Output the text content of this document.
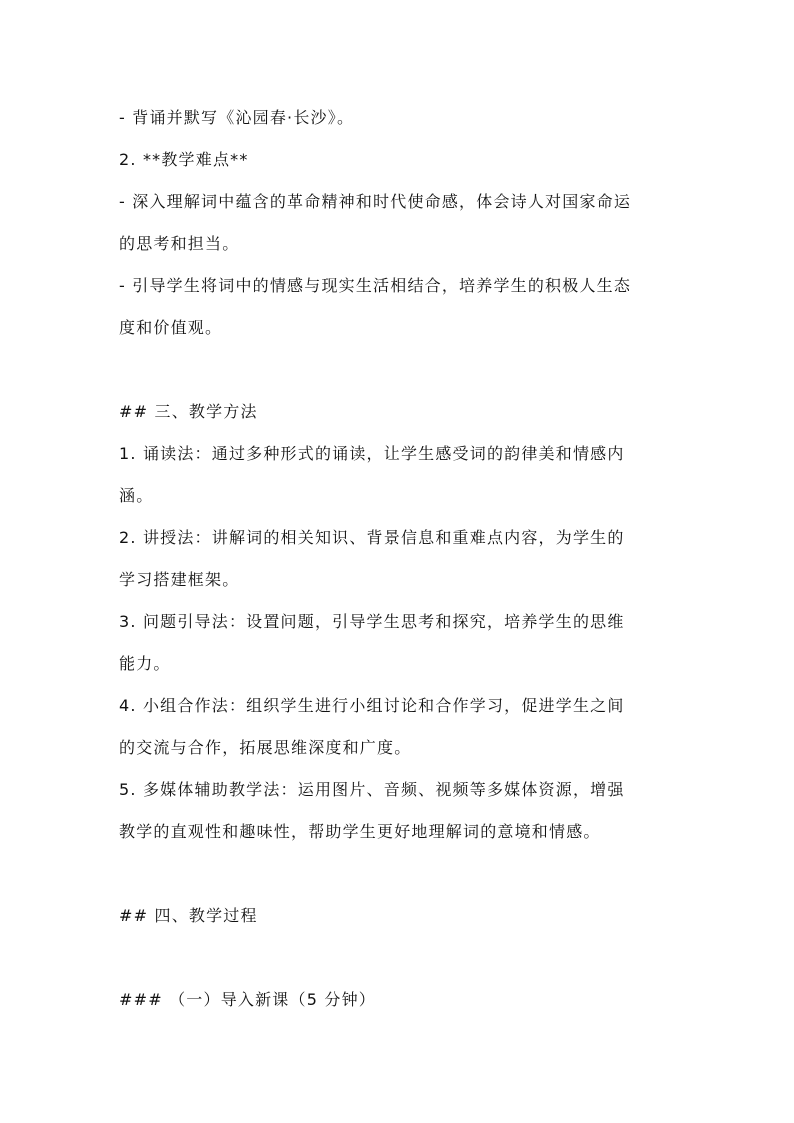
- 背诵并默写《沁园春·长沙》。
2. **教学难点**
- 深入理解词中蕴含的革命精神和时代使命感，体会诗人对国家命运
的思考和担当。
- 引导学生将词中的情感与现实生活相结合，培养学生的积极人生态
度和价值观。
## 三、教学方法
1. 诵读法：通过多种形式的诵读，让学生感受词的韵律美和情感内
涵。
2. 讲授法：讲解词的相关知识、背景信息和重难点内容，为学生的
学习搭建框架。
3. 问题引导法：设置问题，引导学生思考和探究，培养学生的思维
能力。
4. 小组合作法：组织学生进行小组讨论和合作学习，促进学生之间
的交流与合作，拓展思维深度和广度。
5. 多媒体辅助教学法：运用图片、音频、视频等多媒体资源，增强
教学的直观性和趣味性，帮助学生更好地理解词的意境和情感。
## 四、教学过程
### （一）导入新课（5 分钟）
